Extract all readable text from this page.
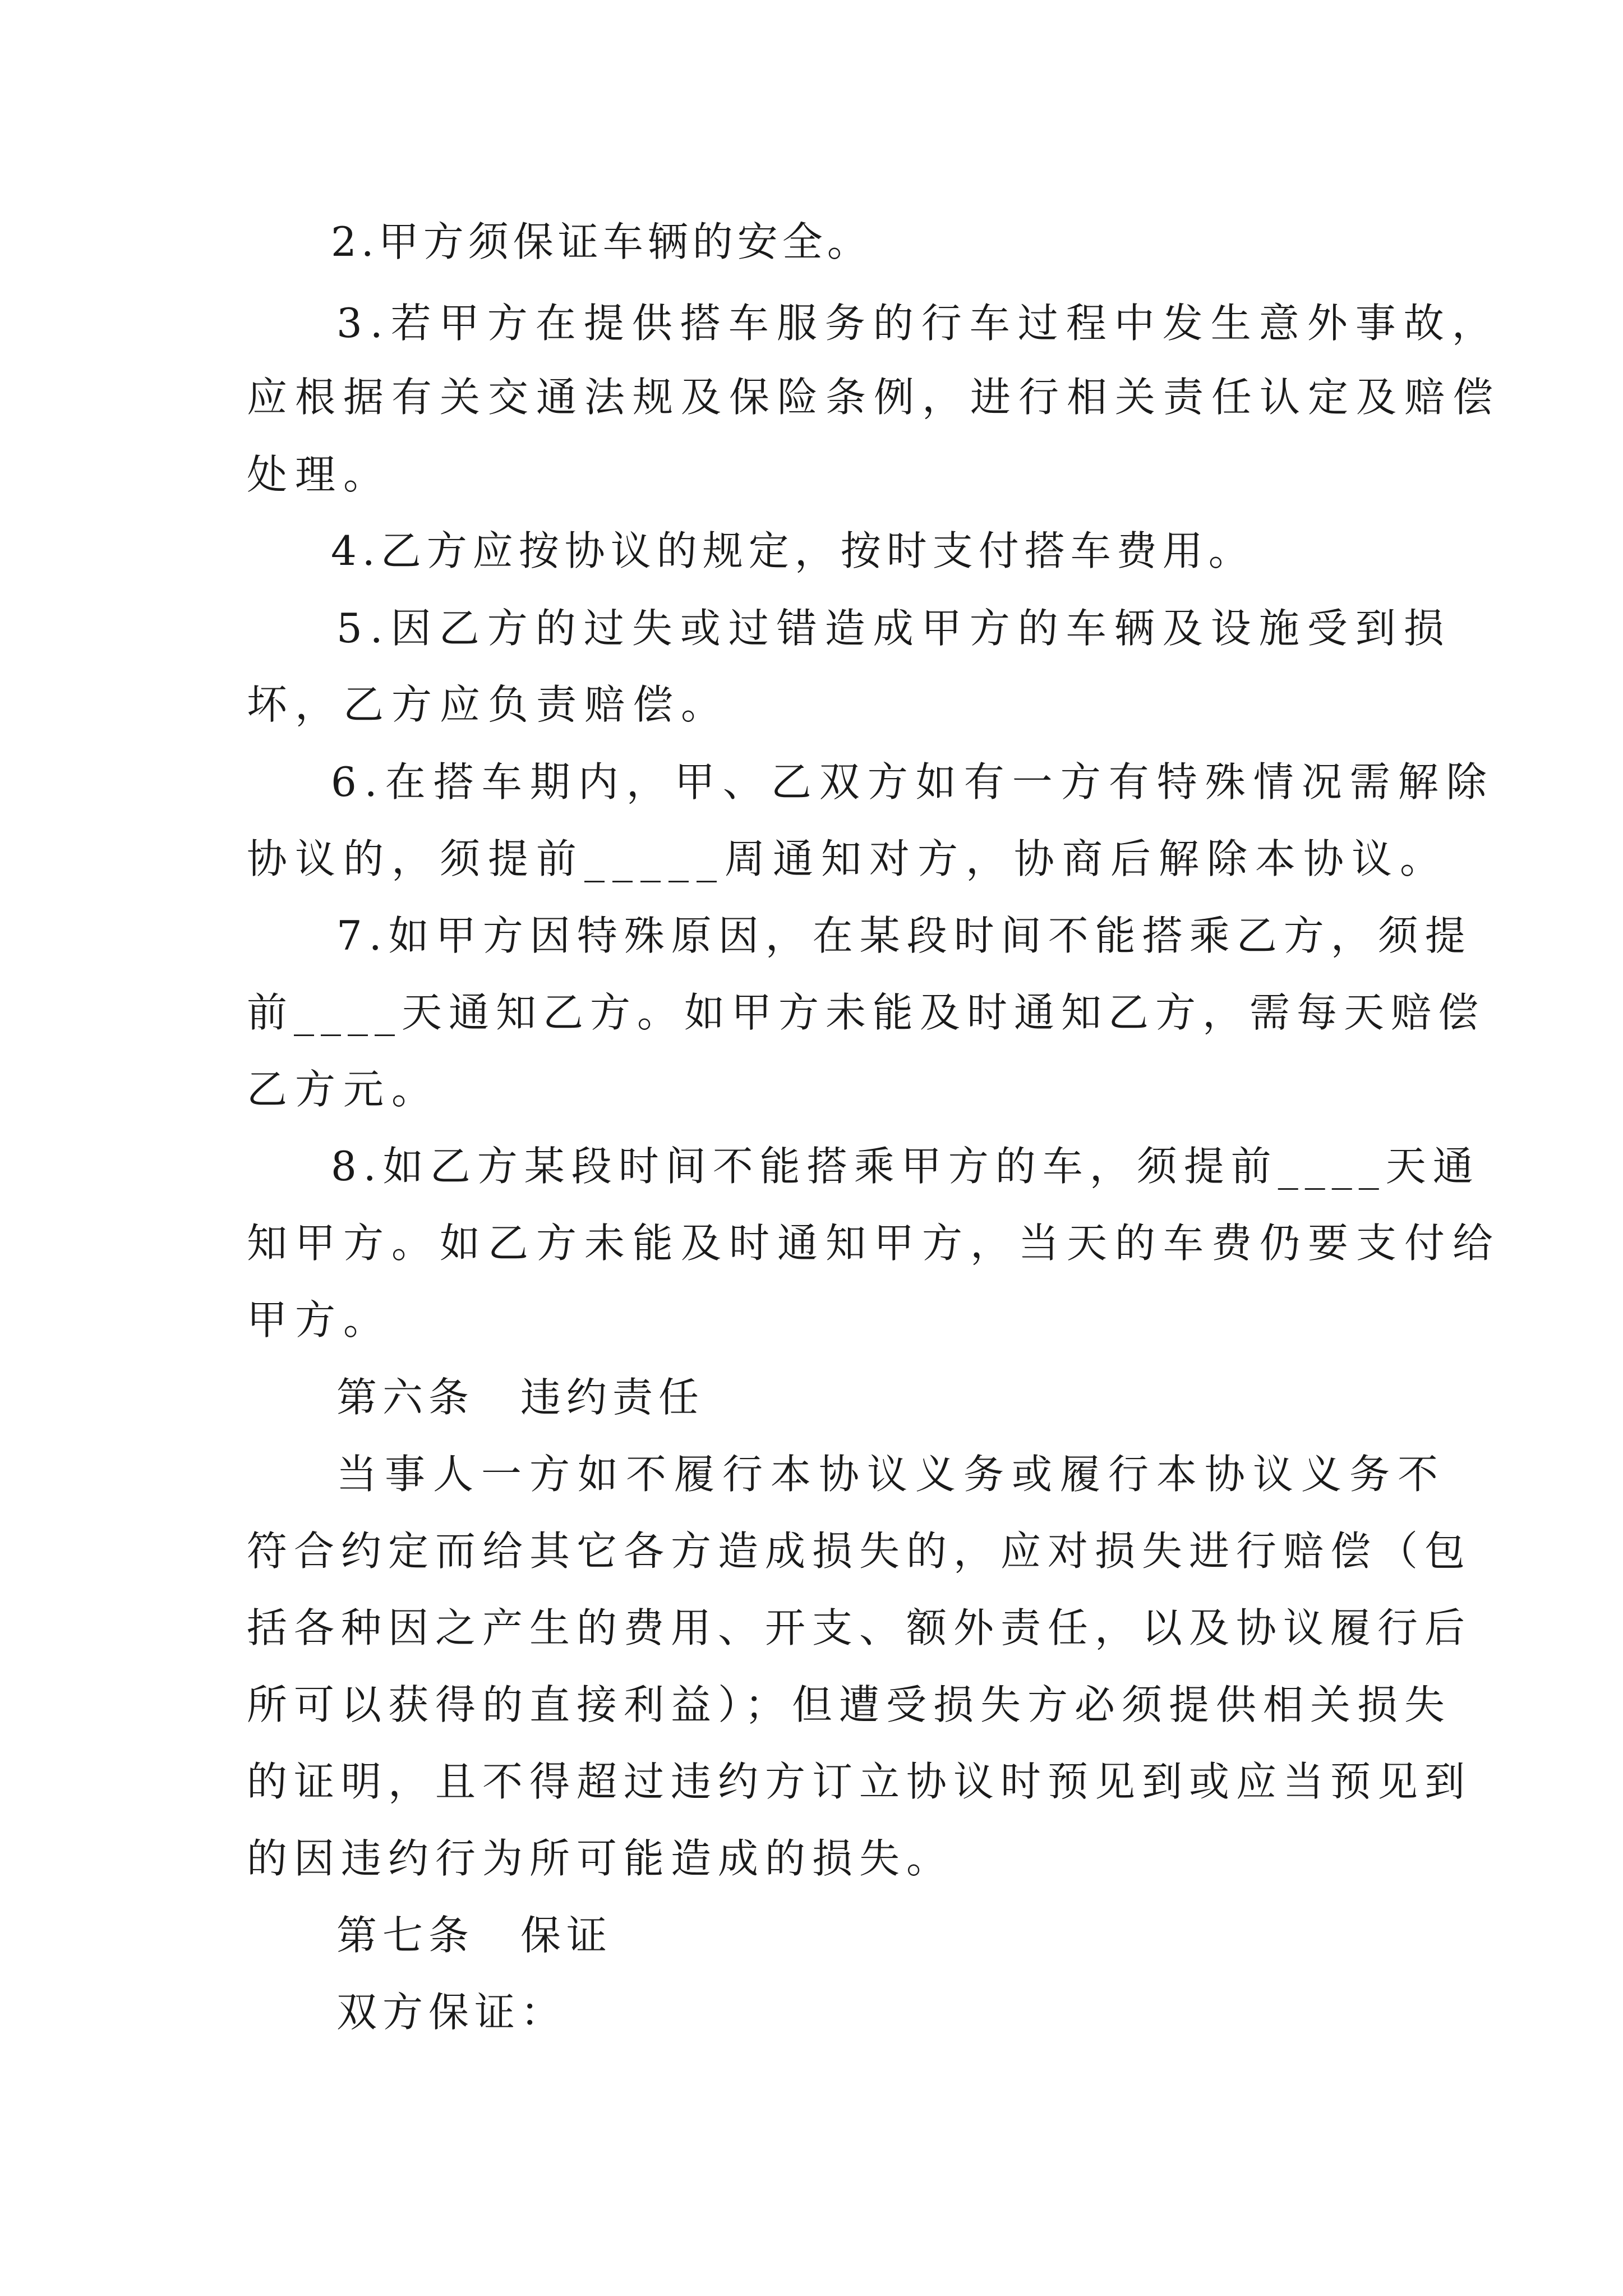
2.甲方须保证车辆的安全。
3.若甲方在提供搭车服务的行车过程中发生意外事故，
应根据有关交通法规及保险条例，进行相关责任认定及赔偿
处理。
4.乙方应按协议的规定，按时支付搭车费用。
5.因乙方的过失或过错造成甲方的车辆及设施受到损
坏，乙方应负责赔偿。
6.在搭车期内，甲、乙双方如有一方有特殊情况需解除
协议的，须提前_____周通知对方，协商后解除本协议。
7.如甲方因特殊原因，在某段时间不能搭乘乙方，须提
前____天通知乙方。如甲方未能及时通知乙方，需每天赔偿
乙方元。
8.如乙方某段时间不能搭乘甲方的车，须提前____天通
知甲方。如乙方未能及时通知甲方，当天的车费仍要支付给
甲方。
第六条　违约责任
当事人一方如不履行本协议义务或履行本协议义务不
符合约定而给其它各方造成损失的，应对损失进行赔偿（包
括各种因之产生的费用、开支、额外责任，以及协议履行后
所可以获得的直接利益）；但遭受损失方必须提供相关损失
的证明，且不得超过违约方订立协议时预见到或应当预见到
的因违约行为所可能造成的损失。
第七条　保证
双方保证：
